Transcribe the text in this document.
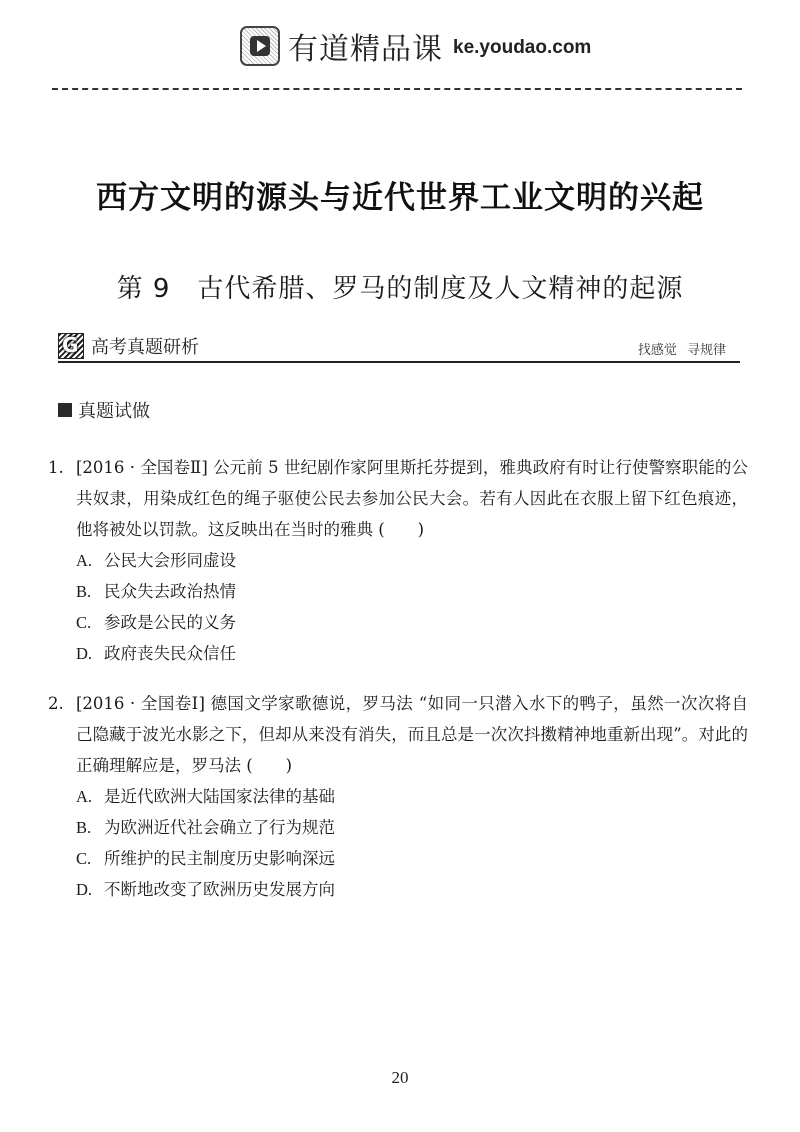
有道精品课 ke.youdao.com
西方文明的源头与近代世界工业文明的兴起
第 9　古代希腊、罗马的制度及人文精神的起源
G 高考真题研析	找感觉 寻规律
真题试做
1. [2016 · 全国卷Ⅱ] 公元前 5 世纪剧作家阿里斯托芬提到，雅典政府有时让行使警察职能的公共奴隶，用染成红色的绳子驱使公民去参加公民大会。若有人因此在衣服上留下红色痕迹，他将被处以罚款。这反映出在当时的雅典 (　　)
A. 公民大会形同虚设
B. 民众失去政治热情
C. 参政是公民的义务
D. 政府丧失民众信任
2. [2016 · 全国卷Ⅰ] 德国文学家歌德说，罗马法 “如同一只潜入水下的鸭子，虽然一次次将自己隐藏于波光水影之下，但却从来没有消失，而且总是一次次抖擞精神地重新出现”。对此的正确理解应是，罗马法 (　　)
A. 是近代欧洲大陆国家法律的基础
B. 为欧洲近代社会确立了行为规范
C. 所维护的民主制度历史影响深远
D. 不断地改变了欧洲历史发展方向
20
